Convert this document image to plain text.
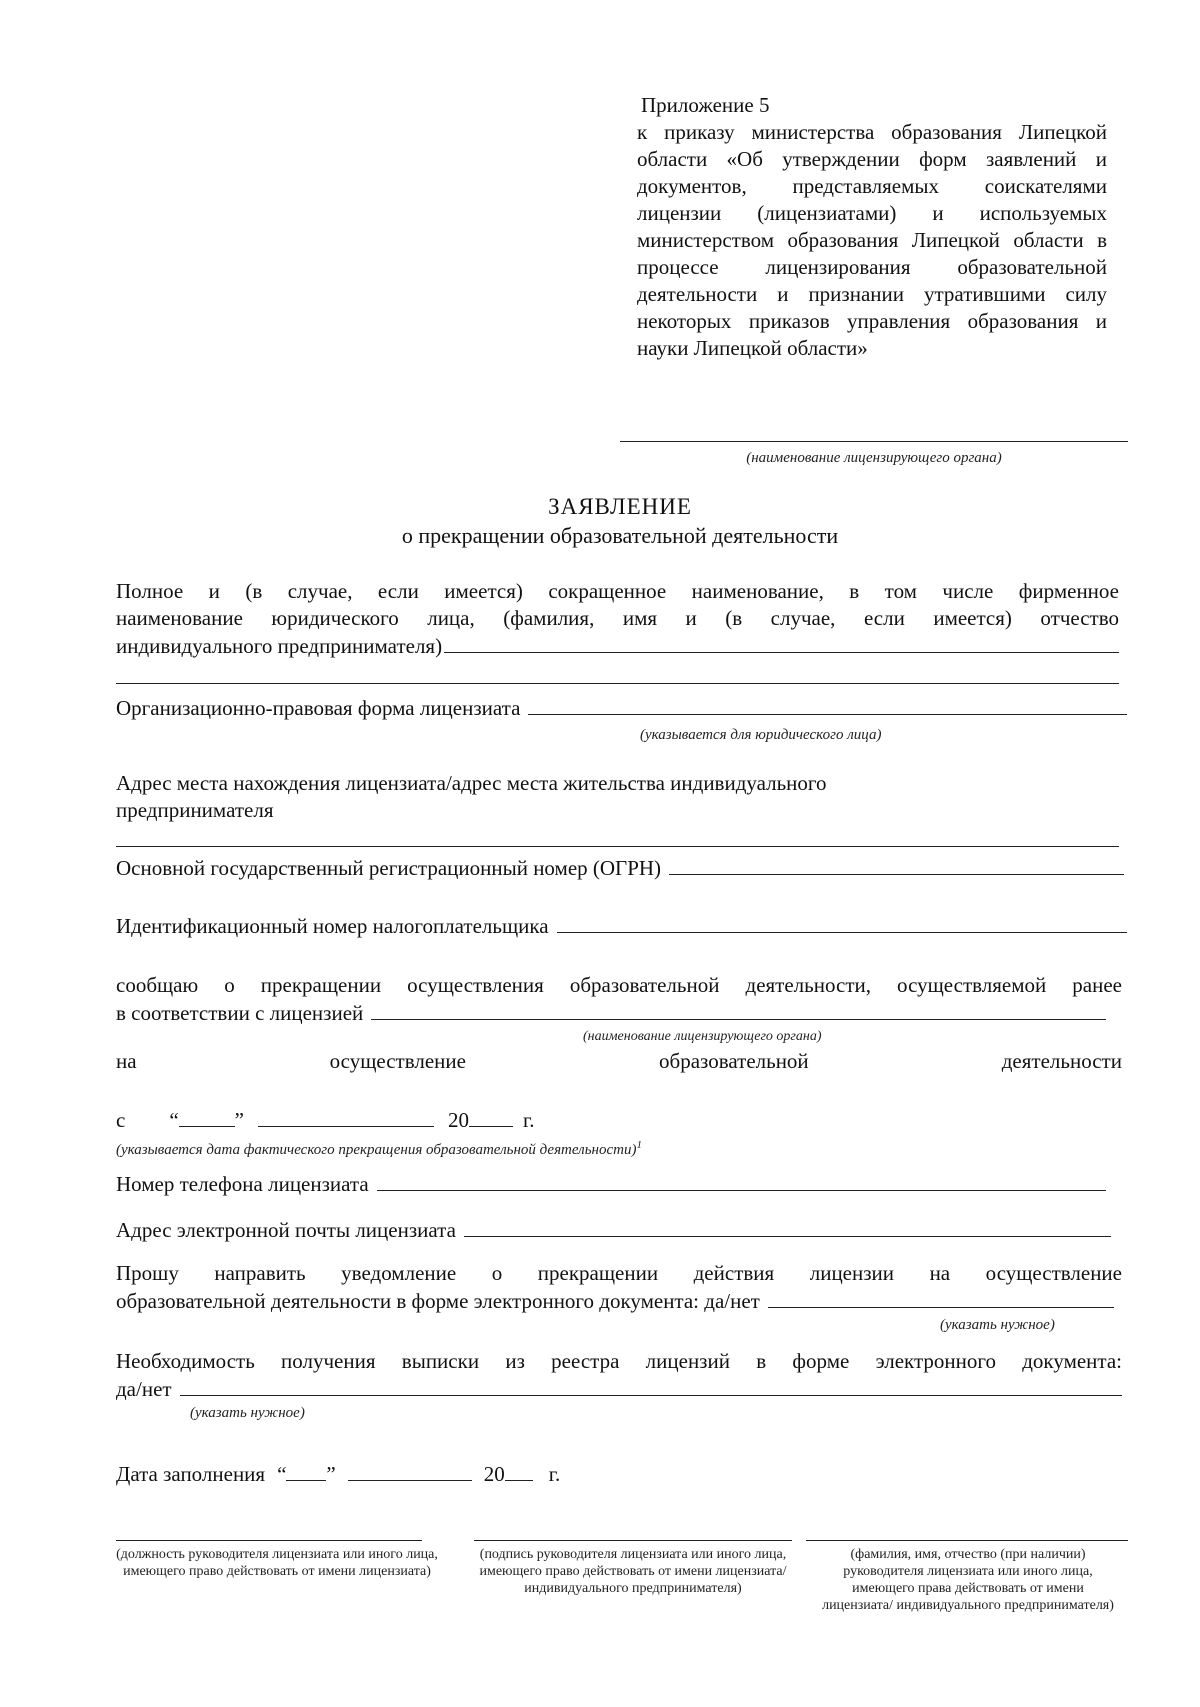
Приложение 5
к приказу министерства образования Липецкой
области «Об утверждении форм заявлений и
документов, представляемых соискателями
лицензии (лицензиатами) и используемых
министерством образования Липецкой области в
процессе лицензирования образовательной
деятельности и признании утратившими силу
некоторых приказов управления образования и
науки Липецкой области»
(наименование лицензирующего органа)
ЗАЯВЛЕНИЕ
о прекращении образовательной деятельности
Полное и (в случае, если имеется) сокращенное наименование, в том числе фирменное
наименование юридического лица, (фамилия, имя и (в случае, если имеется) отчество
индивидуального предпринимателя)
Организационно-правовая форма лицензиата
(указывается для юридического лица)
Адрес места нахождения лицензиата/адрес места жительства индивидуального
предпринимателя
Основной государственный регистрационный номер (ОГРН)
Идентификационный номер налогоплательщика
сообщаю о прекращении осуществления образовательной деятельности, осуществляемой ранее
в соответствии с лицензией
(наименование лицензирующего органа)
на	осуществление	образовательной	деятельности
с “	”	20	г.
(указывается дата фактического прекращения образовательной деятельности)$^1$
Номер телефона лицензиата
Адрес электронной почты лицензиата
Прошу направить уведомление о прекращении действия лицензии на осуществление
образовательной деятельности в форме электронного документа: да/нет
(указать нужное)
Необходимость получения выписки из реестра лицензий в форме электронного документа:
да/нет
(указать нужное)
Дата заполнения “ ”	20 г.
(должность руководителя лицензиата или иного лица, имеющего право действовать от имени лицензиата)
(подпись руководителя лицензиата или иного лица, имеющего право действовать от имени лицензиата/ индивидуального предпринимателя)
(фамилия, имя, отчество (при наличии) руководителя лицензиата или иного лица, имеющего права действовать от имени лицензиата/ индивидуального предпринимателя)
